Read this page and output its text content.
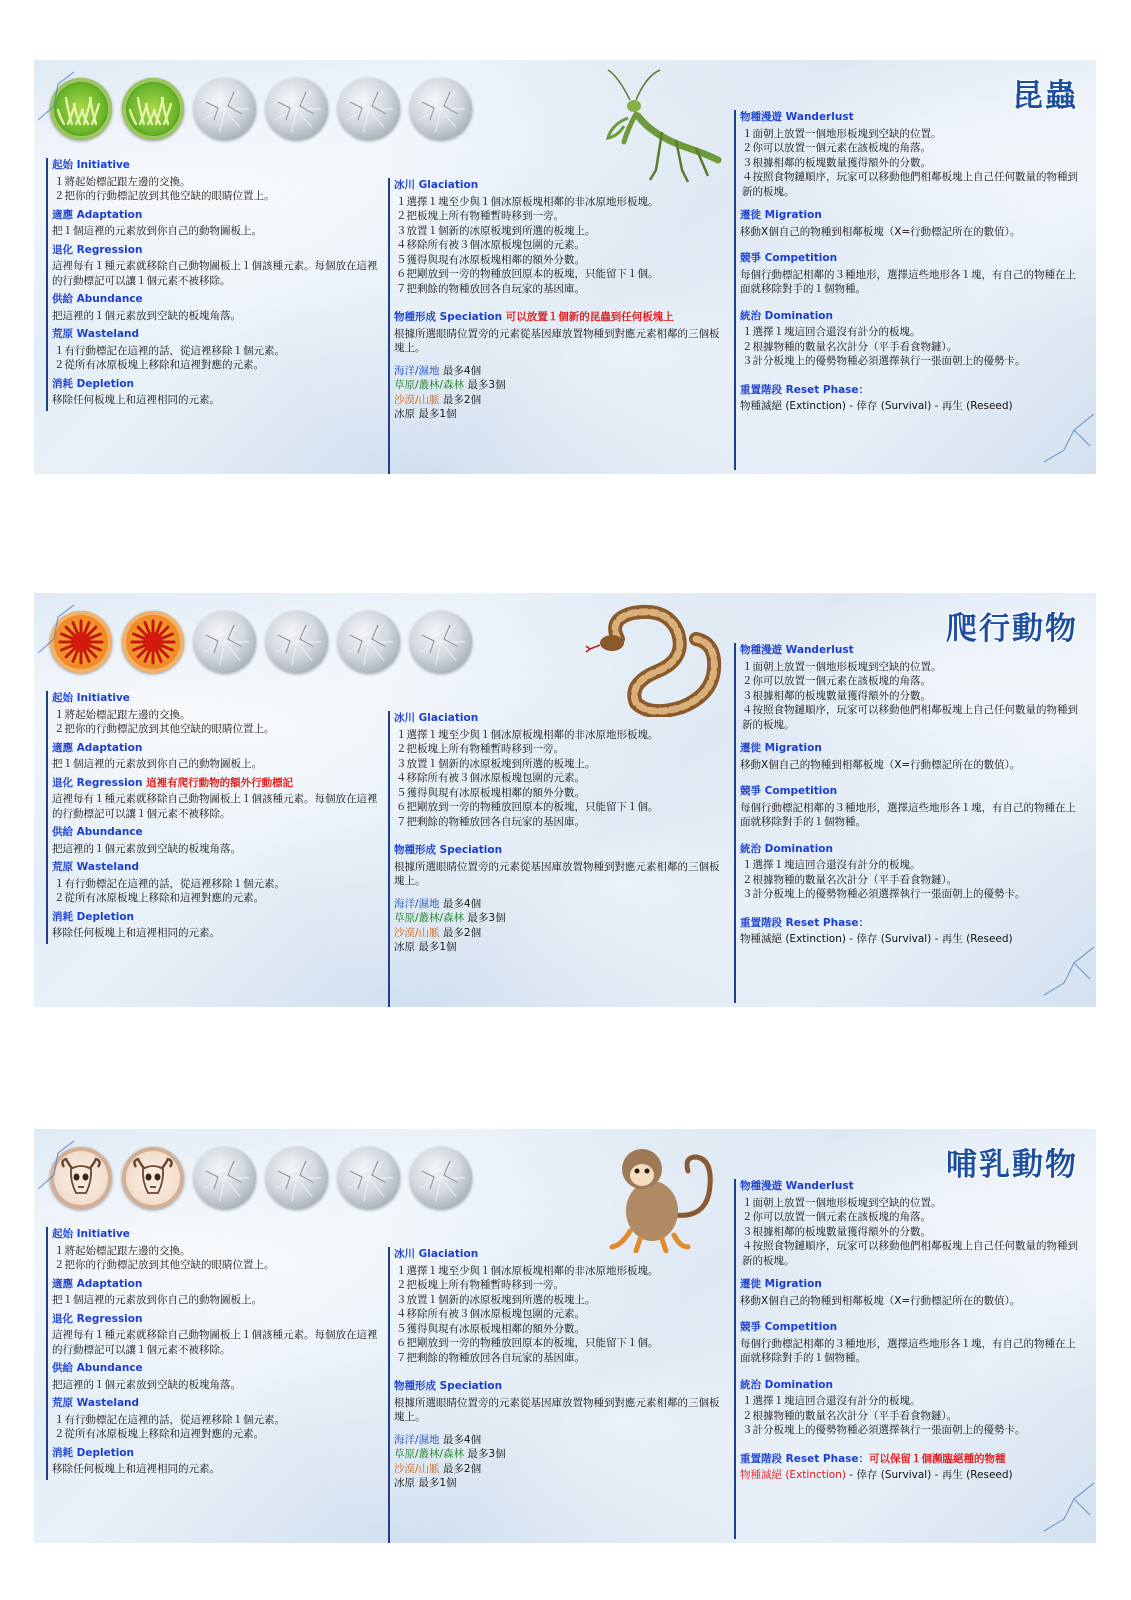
昆蟲
起始 Initiative
１將起始標記跟左邊的交換。
２把你的行動標記放到其他空缺的眼睛位置上。
適應 Adaptation
把１個這裡的元素放到你自己的動物圖板上。
退化 Regression
這裡每有１種元素就移除自己動物圖板上１個該種元素。每個放在這裡的行動標記可以讓１個元素不被移除。
供給 Abundance
把這裡的１個元素放到空缺的板塊角落。
荒原 Wasteland
１有行動標記在這裡的話，從這裡移除１個元素。
２從所有冰原板塊上移除和這裡對應的元素。
消耗 Depletion
移除任何板塊上和這裡相同的元素。
冰川 Glaciation
１選擇１塊至少與１個冰原板塊相鄰的非冰原地形板塊。
２把板塊上所有物種暫時移到一旁。
３放置１個新的冰原板塊到所選的板塊上。
４移除所有被３個冰原板塊包圍的元素。
５獲得與現有冰原板塊相鄰的額外分數。
６把剛放到一旁的物種放回原本的板塊，只能留下１個。
７把剩餘的物種放回各自玩家的基因庫。
物種形成 Speciation 可以放置１個新的昆蟲到任何板塊上
根據所選眼睛位置旁的元素從基因庫放置物種到對應元素相鄰的三個板塊上。
海洋/濕地 最多4個
草原/叢林/森林 最多3個
沙漠/山脈 最多2個
冰原 最多1個
物種漫遊 Wanderlust
１面朝上放置一個地形板塊到空缺的位置。
２你可以放置一個元素在該板塊的角落。
３根據相鄰的板塊數量獲得額外的分數。
４按照食物鏈順序，玩家可以移動他們相鄰板塊上自己任何數量的物種到新的板塊。
遷徙 Migration
移動X個自己的物種到相鄰板塊（X=行動標記所在的數值）。
競爭 Competition
每個行動標記相鄰的３種地形，選擇這些地形各１塊，有自己的物種在上面就移除對手的１個物種。
統治 Domination
１選擇１塊這回合還沒有計分的板塊。
２根據物種的數量名次計分（平手看食物鏈）。
３計分板塊上的優勢物種必須選擇執行一張面朝上的優勢卡。
重置階段 Reset Phase：
物種滅絕 (Extinction) - 倖存 (Survival) - 再生 (Reseed)
爬行動物
起始 Initiative
１將起始標記跟左邊的交換。
２把你的行動標記放到其他空缺的眼睛位置上。
適應 Adaptation
把１個這裡的元素放到你自己的動物圖板上。
退化 Regression 這裡有爬行動物的額外行動標記
這裡每有１種元素就移除自己動物圖板上１個該種元素。每個放在這裡的行動標記可以讓１個元素不被移除。
供給 Abundance
把這裡的１個元素放到空缺的板塊角落。
荒原 Wasteland
１有行動標記在這裡的話，從這裡移除１個元素。
２從所有冰原板塊上移除和這裡對應的元素。
消耗 Depletion
移除任何板塊上和這裡相同的元素。
冰川 Glaciation
１選擇１塊至少與１個冰原板塊相鄰的非冰原地形板塊。
２把板塊上所有物種暫時移到一旁。
３放置１個新的冰原板塊到所選的板塊上。
４移除所有被３個冰原板塊包圍的元素。
５獲得與現有冰原板塊相鄰的額外分數。
６把剛放到一旁的物種放回原本的板塊，只能留下１個。
７把剩餘的物種放回各自玩家的基因庫。
物種形成 Speciation
根據所選眼睛位置旁的元素從基因庫放置物種到對應元素相鄰的三個板塊上。
海洋/濕地 最多4個
草原/叢林/森林 最多3個
沙漠/山脈 最多2個
冰原 最多1個
物種漫遊 Wanderlust
１面朝上放置一個地形板塊到空缺的位置。
２你可以放置一個元素在該板塊的角落。
３根據相鄰的板塊數量獲得額外的分數。
４按照食物鏈順序，玩家可以移動他們相鄰板塊上自己任何數量的物種到新的板塊。
遷徙 Migration
移動X個自己的物種到相鄰板塊（X=行動標記所在的數值）。
競爭 Competition
每個行動標記相鄰的３種地形，選擇這些地形各１塊，有自己的物種在上面就移除對手的１個物種。
統治 Domination
１選擇１塊這回合還沒有計分的板塊。
２根據物種的數量名次計分（平手看食物鏈）。
３計分板塊上的優勢物種必須選擇執行一張面朝上的優勢卡。
重置階段 Reset Phase：
物種滅絕 (Extinction) - 倖存 (Survival) - 再生 (Reseed)
哺乳動物
起始 Initiative
１將起始標記跟左邊的交換。
２把你的行動標記放到其他空缺的眼睛位置上。
適應 Adaptation
把１個這裡的元素放到你自己的動物圖板上。
退化 Regression
這裡每有１種元素就移除自己動物圖板上１個該種元素。每個放在這裡的行動標記可以讓１個元素不被移除。
供給 Abundance
把這裡的１個元素放到空缺的板塊角落。
荒原 Wasteland
１有行動標記在這裡的話，從這裡移除１個元素。
２從所有冰原板塊上移除和這裡對應的元素。
消耗 Depletion
移除任何板塊上和這裡相同的元素。
冰川 Glaciation
１選擇１塊至少與１個冰原板塊相鄰的非冰原地形板塊。
２把板塊上所有物種暫時移到一旁。
３放置１個新的冰原板塊到所選的板塊上。
４移除所有被３個冰原板塊包圍的元素。
５獲得與現有冰原板塊相鄰的額外分數。
６把剛放到一旁的物種放回原本的板塊，只能留下１個。
７把剩餘的物種放回各自玩家的基因庫。
物種形成 Speciation
根據所選眼睛位置旁的元素從基因庫放置物種到對應元素相鄰的三個板塊上。
海洋/濕地 最多4個
草原/叢林/森林 最多3個
沙漠/山脈 最多2個
冰原 最多1個
物種漫遊 Wanderlust
１面朝上放置一個地形板塊到空缺的位置。
２你可以放置一個元素在該板塊的角落。
３根據相鄰的板塊數量獲得額外的分數。
４按照食物鏈順序，玩家可以移動他們相鄰板塊上自己任何數量的物種到新的板塊。
遷徙 Migration
移動X個自己的物種到相鄰板塊（X=行動標記所在的數值）。
競爭 Competition
每個行動標記相鄰的３種地形，選擇這些地形各１塊，有自己的物種在上面就移除對手的１個物種。
統治 Domination
１選擇１塊這回合還沒有計分的板塊。
２根據物種的數量名次計分（平手看食物鏈）。
３計分板塊上的優勢物種必須選擇執行一張面朝上的優勢卡。
重置階段 Reset Phase：可以保留１個瀕臨絕種的物種
物種滅絕 (Extinction) - 倖存 (Survival) - 再生 (Reseed)
